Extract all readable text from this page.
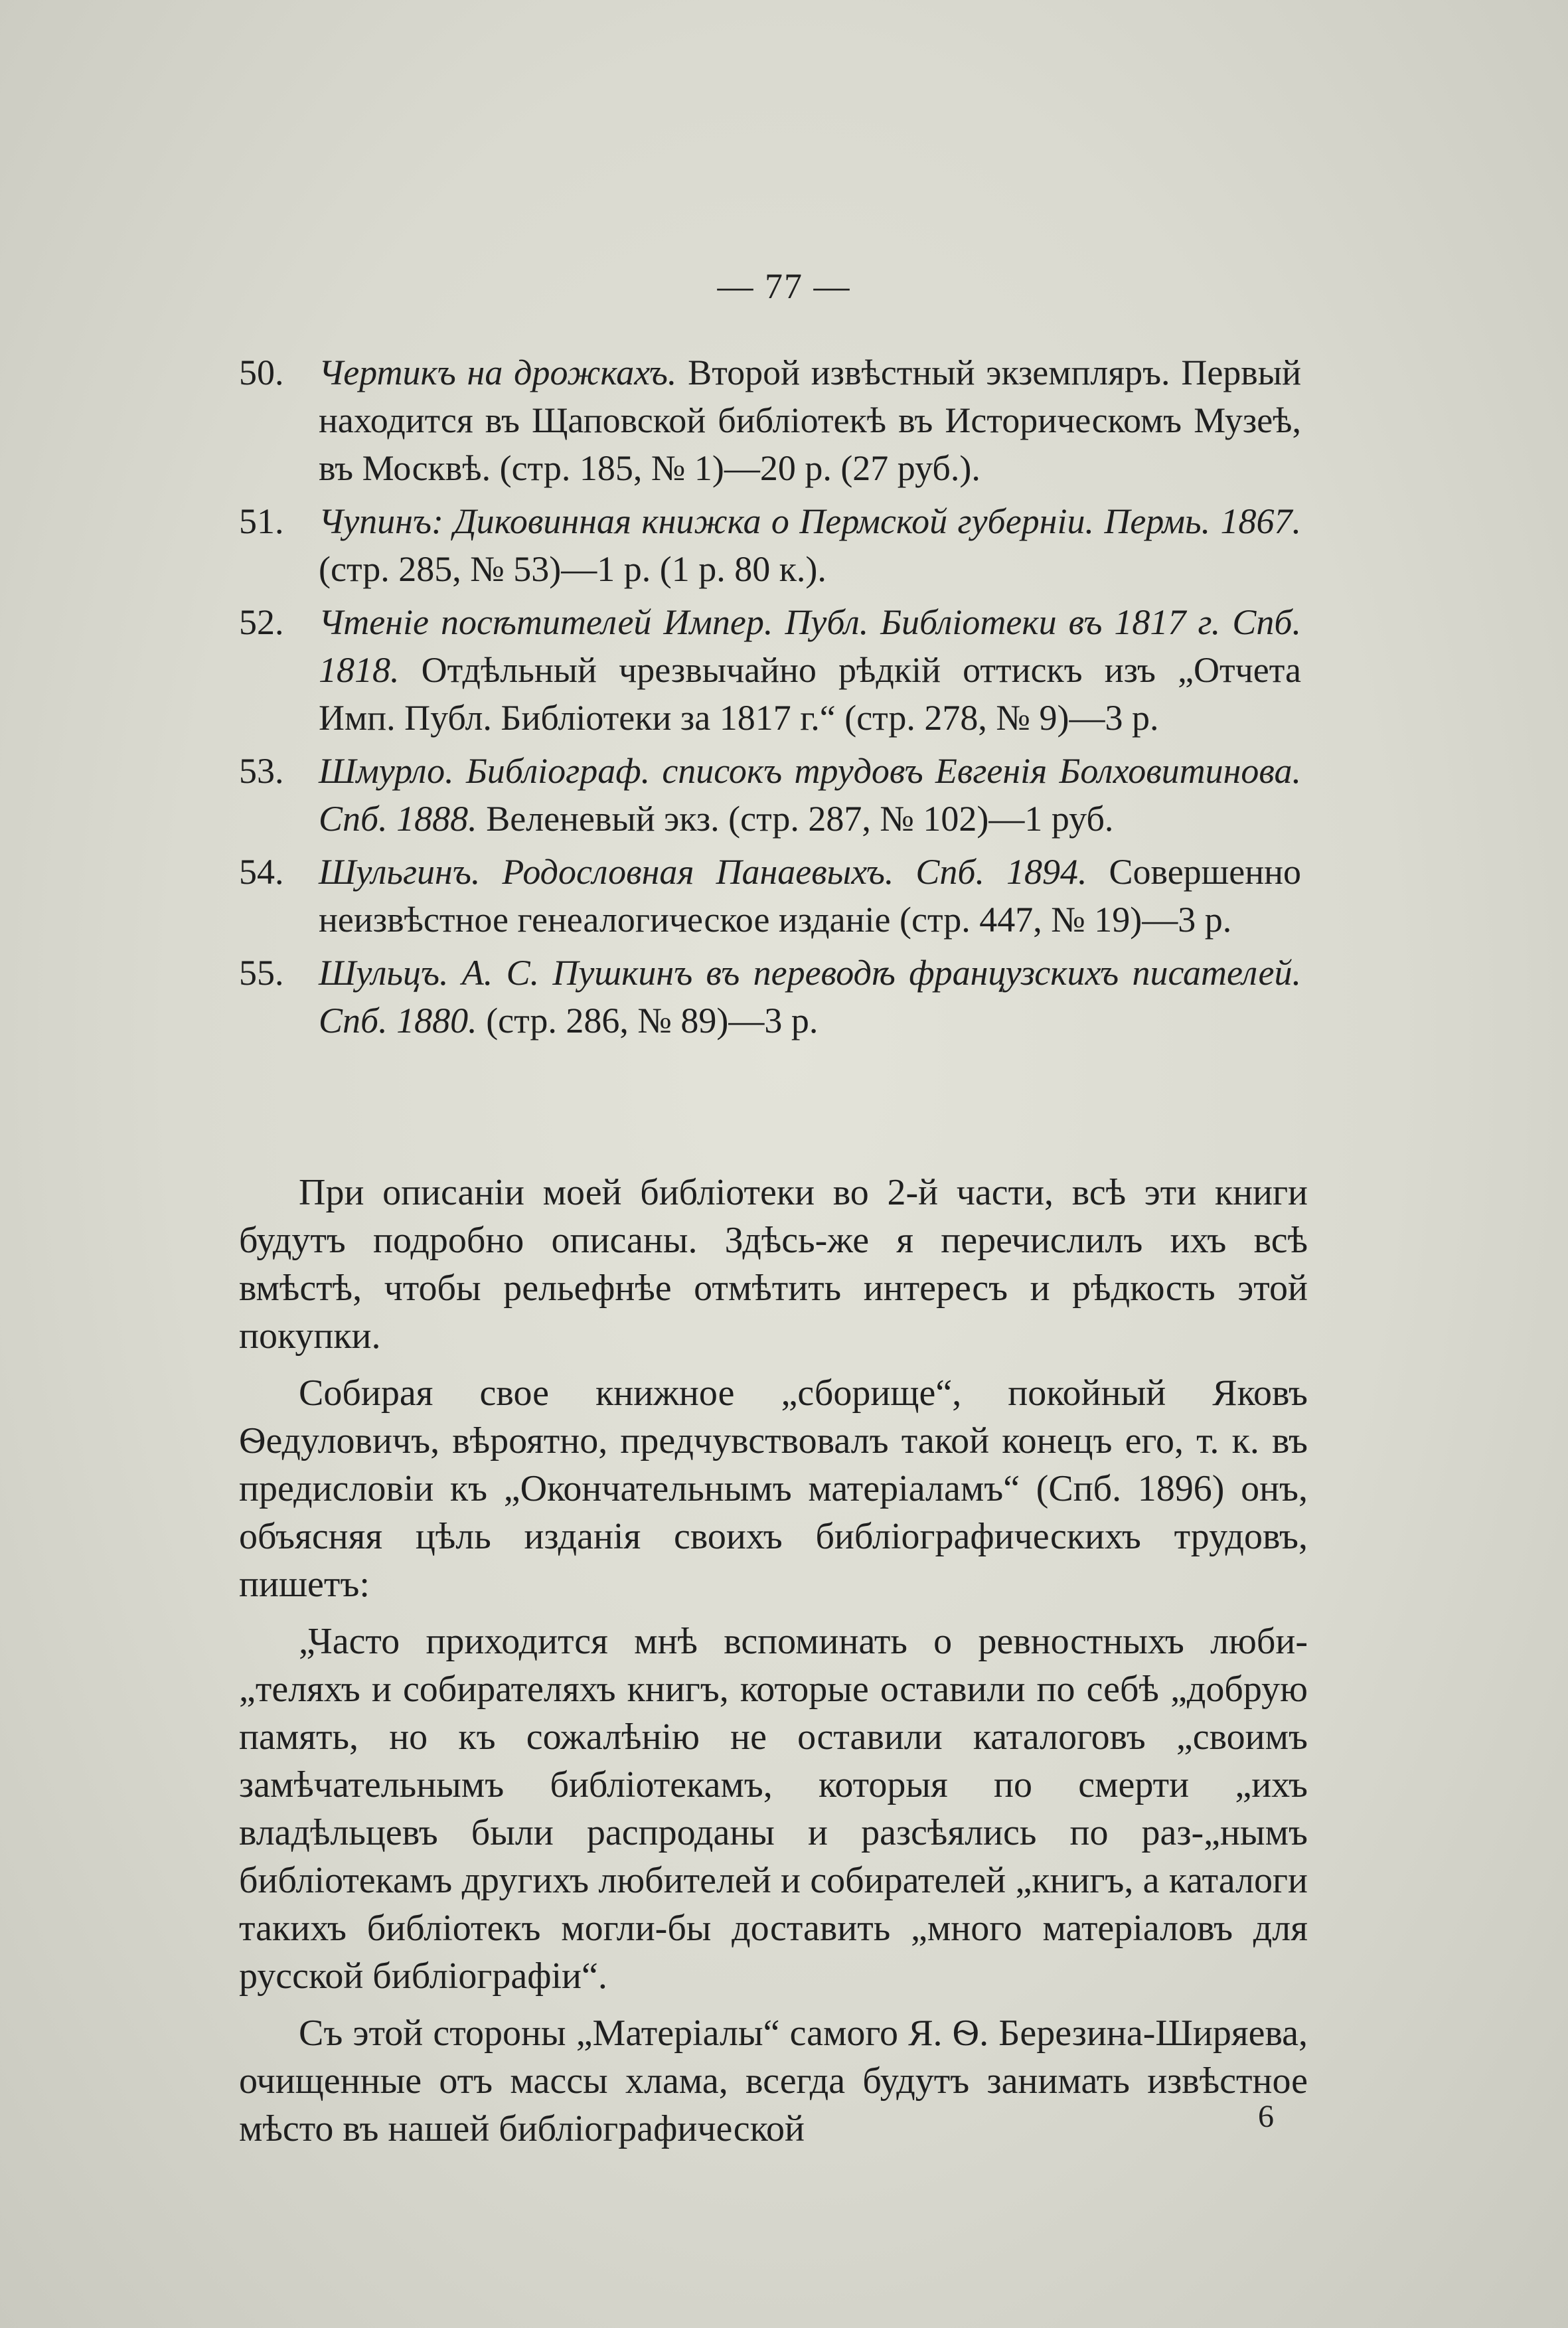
— 77 —
50. Чертикъ на дрожкахъ. Второй извѣстный экземпляръ. Первый находится въ Щаповской библіотекѣ въ Историческомъ Музеѣ, въ Москвѣ. (стр. 185, № 1)—20 р. (27 руб.).
51. Чупинъ: Диковинная книжка о Пермской губерніи. Пермь. 1867. (стр. 285, № 53)—1 р. (1 р. 80 к.).
52. Чтеніе посѣтителей Импер. Публ. Библіотеки въ 1817 г. Спб. 1818. Отдѣльный чрезвычайно рѣдкій оттискъ изъ „Отчета Имп. Публ. Библіотеки за 1817 г.“ (стр. 278, № 9)—3 р.
53. Шмурло. Библіограф. списокъ трудовъ Евгенія Болховитинова. Спб. 1888. Веленевый экз. (стр. 287, № 102)—1 руб.
54. Шульгинъ. Родословная Панаевыхъ. Спб. 1894. Совершенно неизвѣстное генеалогическое изданіе (стр. 447, № 19)—3 р.
55. Шульцъ. А. С. Пушкинъ въ переводѣ французскихъ писателей. Спб. 1880. (стр. 286, № 89)—3 р.

При описаніи моей библіотеки во 2-й части, всѣ эти книги будутъ подробно описаны. Здѣсь-же я перечислилъ ихъ всѣ вмѣстѣ, чтобы рельефнѣе отмѣтить интересъ и рѣдкость этой покупки.

Собирая свое книжное „сборище“, покойный Яковъ Ѳедуловичъ, вѣроятно, предчувствовалъ такой конецъ его, т. к. въ предисловіи къ „Окончательнымъ матеріаламъ“ (Спб. 1896) онъ, объясняя цѣль изданія своихъ библіографическихъ трудовъ, пишетъ:

„Часто приходится мнѣ вспоминать о ревностныхъ люби-„теляхъ и собирателяхъ книгъ, которые оставили по себѣ „добрую память, но къ сожалѣнію не оставили каталоговъ „своимъ замѣчательнымъ библіотекамъ, которыя по смерти „ихъ владѣльцевъ были распроданы и разсѣялись по раз-„нымъ библіотекамъ другихъ любителей и собирателей „книгъ, а каталоги такихъ библіотекъ могли-бы доставить „много матеріаловъ для русской библіографіи“.

Съ этой стороны „Матеріалы“ самого Я. Ѳ. Березина-Ширяева, очищенные отъ массы хлама, всегда будутъ занимать извѣстное мѣсто въ нашей библіографической	6
